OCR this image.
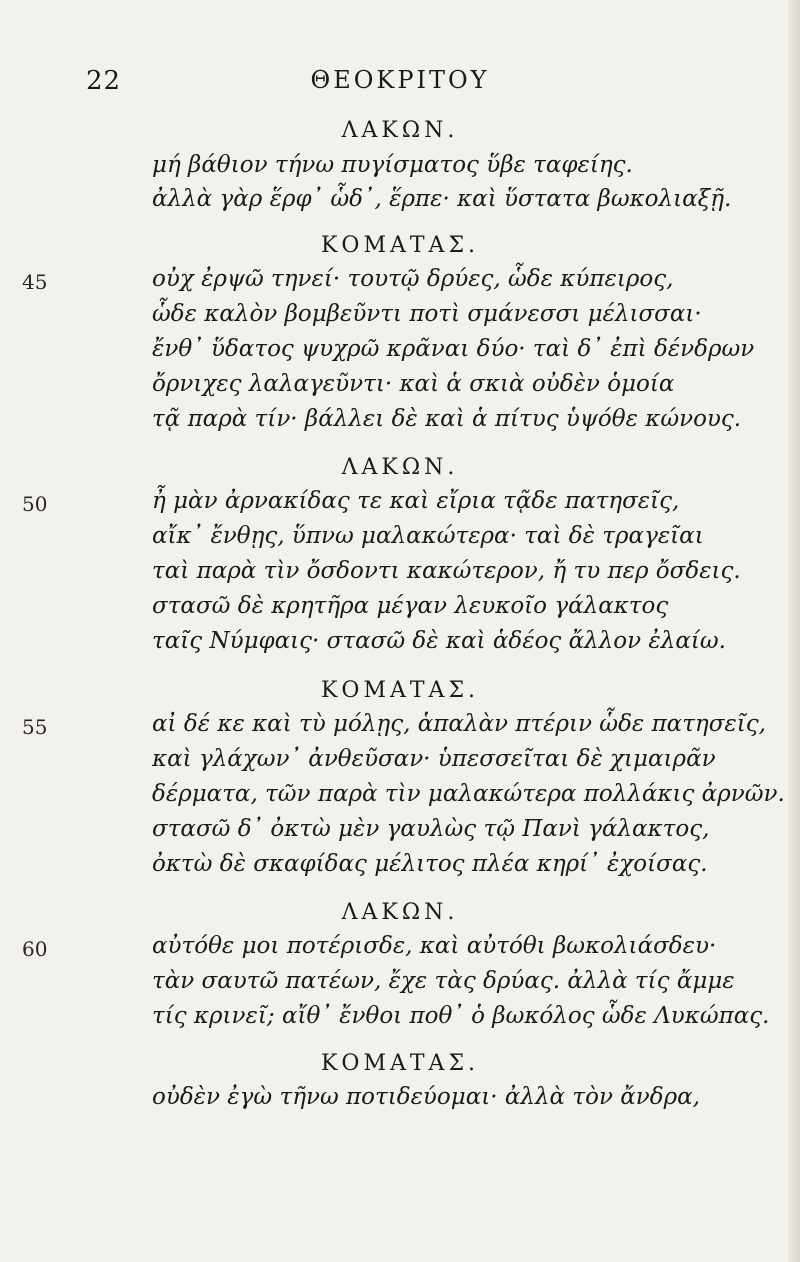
22	ΘΕΟΚΡΙΤΟΥ
ΛΑΚΩΝ.
μή βάθιον τήνω πυγίσματος ὕβε ταφείης.
ἀλλὰ γὰρ ἕρφ᾿ ὧδ᾿, ἕρπε· καὶ ὕστατα βωκολιαξῇ.
ΚΟΜΑΤΑΣ.
45	οὐχ ἐρψῶ τηνεί· τουτῷ δρύες, ὧδε κύπειρος,
ὧδε καλὸν βομβεῦντι ποτὶ σμάνεσσι μέλισσαι·
ἔνθ᾿ ὕδατος ψυχρῶ κρᾶναι δύο· ταὶ δ᾿ ἐπὶ δένδρων
ὄρνιχες λαλαγεῦντι· καὶ ἁ σκιὰ οὐδὲν ὁμοία
τᾷ παρὰ τίν· βάλλει δὲ καὶ ἁ πίτυς ὑψόθε κώνους.
ΛΑΚΩΝ.
50	ἦ μὰν ἀρνακίδας τε καὶ εἴρια τᾷδε πατησεῖς,
αἴκ᾿ ἔνθῃς, ὕπνω μαλακώτερα· ταὶ δὲ τραγεῖαι
ταὶ παρὰ τὶν ὄσδοντι κακώτερον, ἤ τυ περ ὄσδεις.
στασῶ δὲ κρητῆρα μέγαν λευκοῖο γάλακτος
ταῖς Νύμφαις· στασῶ δὲ καὶ ἁδέος ἄλλον ἐλαίω.
ΚΟΜΑΤΑΣ.
55	αἰ δέ κε καὶ τὺ μόλῃς, ἁπαλὰν πτέριν ὧδε πατησεῖς,
καὶ γλάχων᾿ ἀνθεῦσαν· ὑπεσσεῖται δὲ χιμαιρᾶν
δέρματα, τῶν παρὰ τὶν μαλακώτερα πολλάκις ἀρνῶν.
στασῶ δ᾿ ὀκτὼ μὲν γαυλὼς τῷ Πανὶ γάλακτος,
ὀκτὼ δὲ σκαφίδας μέλιτος πλέα κηρί᾿ ἐχοίσας.
ΛΑΚΩΝ.
60	αὐτόθε μοι ποτέρισδε, καὶ αὐτόθι βωκολιάσδευ·
τὰν σαυτῶ πατέων, ἔχε τὰς δρύας. ἀλλὰ τίς ἄμμε
τίς κρινεῖ; αἴθ᾿ ἔνθοι ποθ᾿ ὁ βωκόλος ὧδε Λυκώπας.
ΚΟΜΑΤΑΣ.
οὐδὲν ἐγὼ τῆνω ποτιδεύομαι· ἀλλὰ τὸν ἄνδρα,
